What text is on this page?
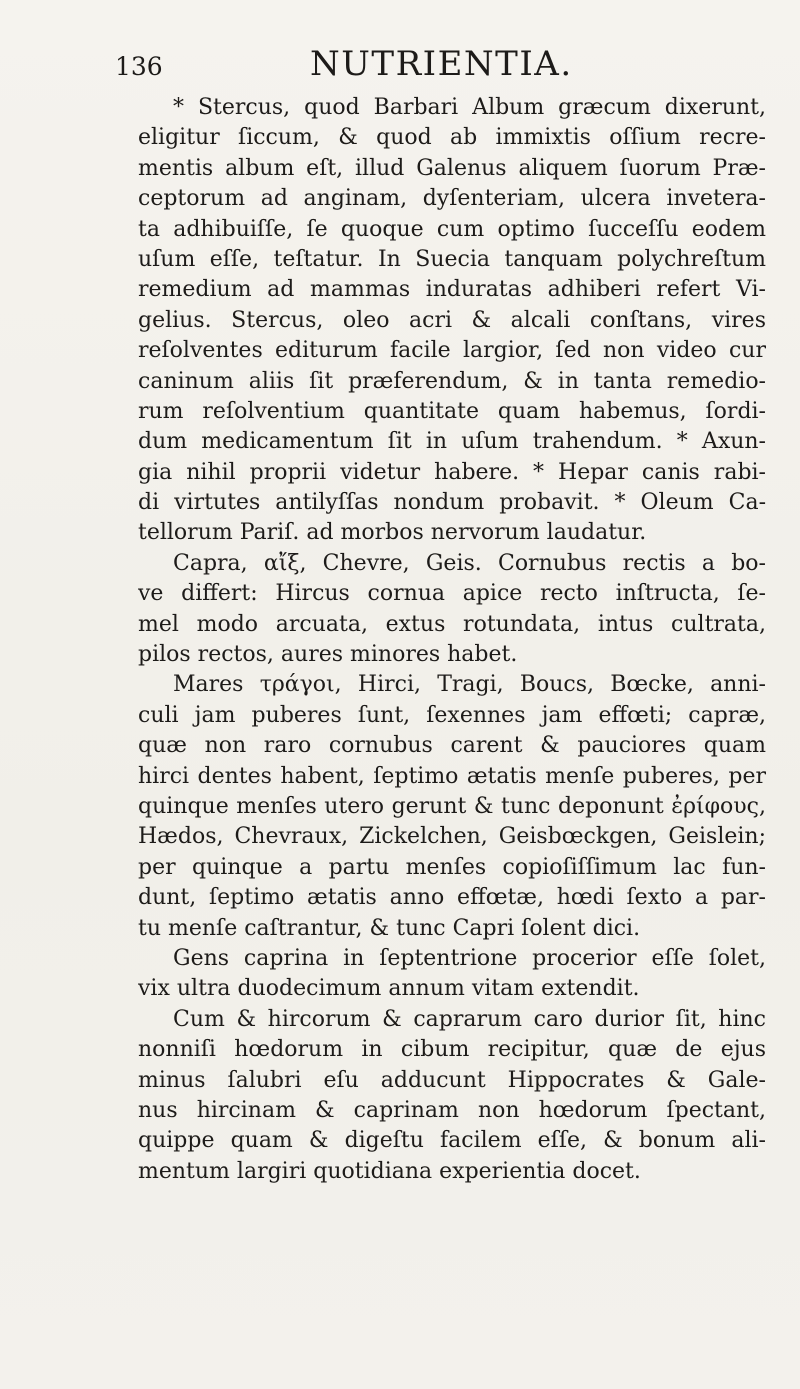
136	NUTRIENTIA.
* Stercus, quod Barbari Album græcum dixerunt,
eligitur ſiccum, & quod ab immixtis oſſium recre-
mentis album eſt, illud Galenus aliquem ſuorum Præ-
ceptorum ad anginam, dyſenteriam, ulcera invetera-
ta adhibuiſſe, ſe quoque cum optimo ſucceſſu eodem
uſum eſſe, teſtatur. In Suecia tanquam polychreſtum
remedium ad mammas induratas adhiberi refert Vi-
gelius. Stercus, oleo acri & alcali conſtans, vires
reſolventes editurum facile largior, ſed non video cur
caninum aliis ſit præferendum, & in tanta remedio-
rum reſolventium quantitate quam habemus, ſordi-
dum medicamentum ſit in uſum trahendum. * Axun-
gia nihil proprii videtur habere. * Hepar canis rabi-
di virtutes antilyſſas nondum probavit. * Oleum Ca-
tellorum Pariſ. ad morbos nervorum laudatur.
Capra, αἴξ, Chevre, Geis. Cornubus rectis a bo-
ve differt: Hircus cornua apice recto inſtructa, ſe-
mel modo arcuata, extus rotundata, intus cultrata,
pilos rectos, aures minores habet.
Mares τράγοι, Hirci, Tragi, Boucs, Bœcke, anni-
culi jam puberes ſunt, ſexennes jam effœti; capræ,
quæ non raro cornubus carent & pauciores quam
hirci dentes habent, ſeptimo ætatis menſe puberes, per
quinque menſes utero gerunt & tunc deponunt ἐρίφους,
Hædos, Chevraux, Zickelchen, Geisbœckgen, Geislein;
per quinque a partu menſes copioſiſſimum lac fun-
dunt, ſeptimo ætatis anno effœtæ, hœdi ſexto a par-
tu menſe caſtrantur, & tunc Capri ſolent dici.
Gens caprina in ſeptentrione procerior eſſe ſolet,
vix ultra duodecimum annum vitam extendit.
Cum & hircorum & caprarum caro durior ſit, hinc
nonniſi hœdorum in cibum recipitur, quæ de ejus
minus ſalubri eſu adducunt Hippocrates & Gale-
nus hircinam & caprinam non hœdorum ſpectant,
quippe quam & digeſtu facilem eſſe, & bonum ali-
mentum largiri quotidiana experientia docet.
